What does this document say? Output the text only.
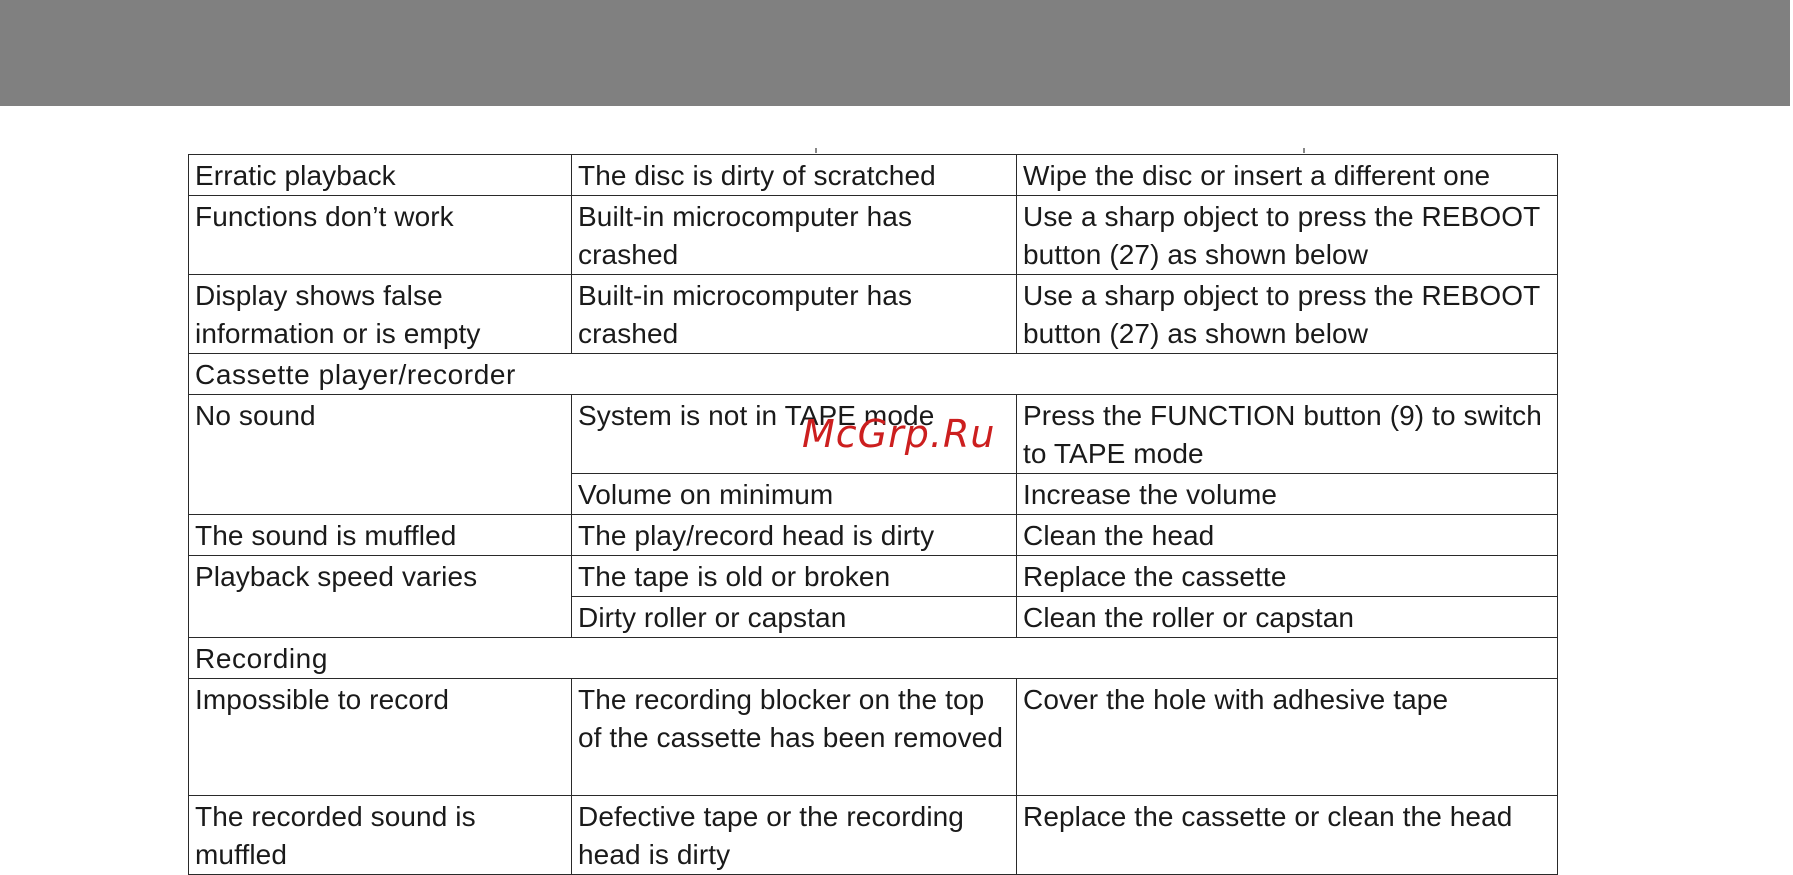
Erratic playback	The disc is dirty of scratched	Wipe the disc or insert a different one
Functions don’t work	Built-in microcomputer has crashed	Use a sharp object to press the REBOOT button (27) as shown below
Display shows false information or is empty	Built-in microcomputer has crashed	Use a sharp object to press the REBOOT button (27) as shown below
Cassette player/recorder		
No sound	System is not in TAPE mode	Press the FUNCTION button (9) to switch to TAPE mode
	Volume on minimum	Increase the volume
The sound is muffled	The play/record head is dirty	Clean the head
Playback speed varies	The tape is old or broken	Replace the cassette
	Dirty roller or capstan	Clean the roller or capstan
Recording		
Impossible to record	The recording blocker on the top of the cassette has been removed	Cover the hole with adhesive tape
The recorded sound is muffled	Defective tape or the recording head is dirty	Replace the cassette or clean the head
McGrp.Ru
